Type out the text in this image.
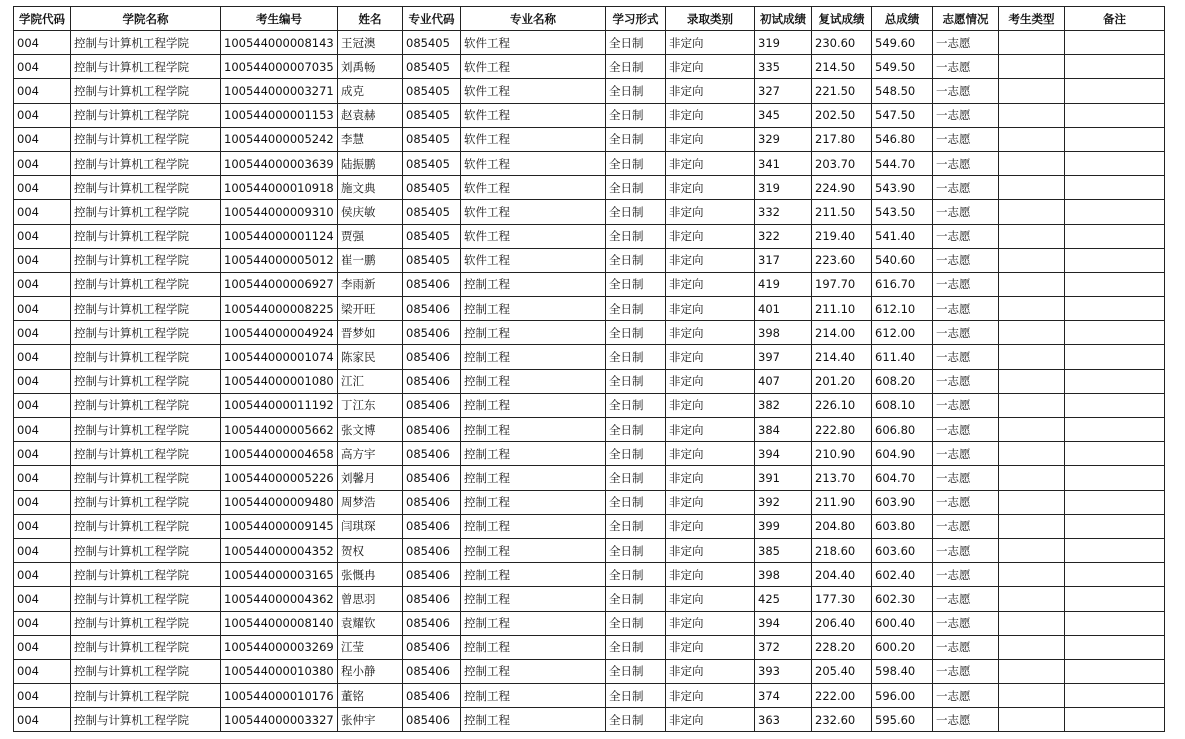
学院代码	学院名称	考生编号	姓名	专业代码	专业名称	学习形式	录取类别	初试成绩	复试成绩	总成绩	志愿情况	考生类型	备注
004	控制与计算机工程学院	100544000008143	王冠澳	085405	软件工程	全日制	非定向	319	230.60	549.60	一志愿		
004	控制与计算机工程学院	100544000007035	刘禹畅	085405	软件工程	全日制	非定向	335	214.50	549.50	一志愿		
004	控制与计算机工程学院	100544000003271	成克	085405	软件工程	全日制	非定向	327	221.50	548.50	一志愿		
004	控制与计算机工程学院	100544000001153	赵袁赫	085405	软件工程	全日制	非定向	345	202.50	547.50	一志愿		
004	控制与计算机工程学院	100544000005242	李慧	085405	软件工程	全日制	非定向	329	217.80	546.80	一志愿		
004	控制与计算机工程学院	100544000003639	陆振鹏	085405	软件工程	全日制	非定向	341	203.70	544.70	一志愿		
004	控制与计算机工程学院	100544000010918	施文典	085405	软件工程	全日制	非定向	319	224.90	543.90	一志愿		
004	控制与计算机工程学院	100544000009310	侯庆敏	085405	软件工程	全日制	非定向	332	211.50	543.50	一志愿		
004	控制与计算机工程学院	100544000001124	贾强	085405	软件工程	全日制	非定向	322	219.40	541.40	一志愿		
004	控制与计算机工程学院	100544000005012	崔一鹏	085405	软件工程	全日制	非定向	317	223.60	540.60	一志愿		
004	控制与计算机工程学院	100544000006927	李雨新	085406	控制工程	全日制	非定向	419	197.70	616.70	一志愿		
004	控制与计算机工程学院	100544000008225	梁开旺	085406	控制工程	全日制	非定向	401	211.10	612.10	一志愿		
004	控制与计算机工程学院	100544000004924	晋梦如	085406	控制工程	全日制	非定向	398	214.00	612.00	一志愿		
004	控制与计算机工程学院	100544000001074	陈家民	085406	控制工程	全日制	非定向	397	214.40	611.40	一志愿		
004	控制与计算机工程学院	100544000001080	江汇	085406	控制工程	全日制	非定向	407	201.20	608.20	一志愿		
004	控制与计算机工程学院	100544000011192	丁江东	085406	控制工程	全日制	非定向	382	226.10	608.10	一志愿		
004	控制与计算机工程学院	100544000005662	张文博	085406	控制工程	全日制	非定向	384	222.80	606.80	一志愿		
004	控制与计算机工程学院	100544000004658	高方宇	085406	控制工程	全日制	非定向	394	210.90	604.90	一志愿		
004	控制与计算机工程学院	100544000005226	刘馨月	085406	控制工程	全日制	非定向	391	213.70	604.70	一志愿		
004	控制与计算机工程学院	100544000009480	周梦浩	085406	控制工程	全日制	非定向	392	211.90	603.90	一志愿		
004	控制与计算机工程学院	100544000009145	闫琪琛	085406	控制工程	全日制	非定向	399	204.80	603.80	一志愿		
004	控制与计算机工程学院	100544000004352	贺权	085406	控制工程	全日制	非定向	385	218.60	603.60	一志愿		
004	控制与计算机工程学院	100544000003165	张慨冉	085406	控制工程	全日制	非定向	398	204.40	602.40	一志愿		
004	控制与计算机工程学院	100544000004362	曾思羽	085406	控制工程	全日制	非定向	425	177.30	602.30	一志愿		
004	控制与计算机工程学院	100544000008140	袁耀钦	085406	控制工程	全日制	非定向	394	206.40	600.40	一志愿		
004	控制与计算机工程学院	100544000003269	江莹	085406	控制工程	全日制	非定向	372	228.20	600.20	一志愿		
004	控制与计算机工程学院	100544000010380	程小静	085406	控制工程	全日制	非定向	393	205.40	598.40	一志愿		
004	控制与计算机工程学院	100544000010176	董铭	085406	控制工程	全日制	非定向	374	222.00	596.00	一志愿		
004	控制与计算机工程学院	100544000003327	张仲宇	085406	控制工程	全日制	非定向	363	232.60	595.60	一志愿		
